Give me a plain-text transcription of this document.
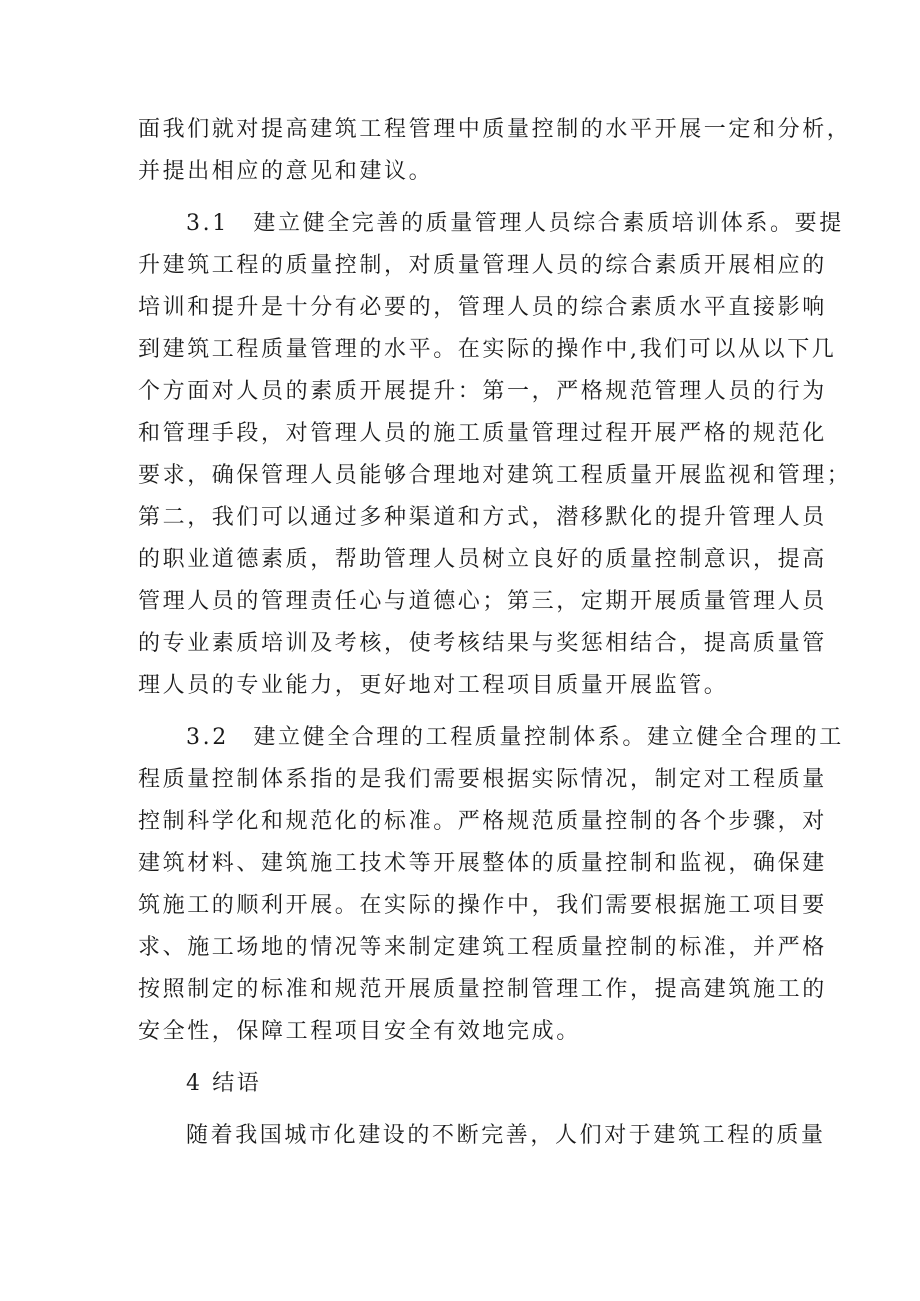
面我们就对提高建筑工程管理中质量控制的水平开展一定和分析，
并提出相应的意见和建议。
3.1　建立健全完善的质量管理人员综合素质培训体系。要提
升建筑工程的质量控制，对质量管理人员的综合素质开展相应的
培训和提升是十分有必要的，管理人员的综合素质水平直接影响
到建筑工程质量管理的水平。在实际的操作中,我们可以从以下几
个方面对人员的素质开展提升：第一，严格规范管理人员的行为
和管理手段，对管理人员的施工质量管理过程开展严格的规范化
要求，确保管理人员能够合理地对建筑工程质量开展监视和管理；
第二，我们可以通过多种渠道和方式，潜移默化的提升管理人员
的职业道德素质，帮助管理人员树立良好的质量控制意识，提高
管理人员的管理责任心与道德心；第三，定期开展质量管理人员
的专业素质培训及考核，使考核结果与奖惩相结合，提高质量管
理人员的专业能力，更好地对工程项目质量开展监管。
3.2　建立健全合理的工程质量控制体系。建立健全合理的工
程质量控制体系指的是我们需要根据实际情况，制定对工程质量
控制科学化和规范化的标准。严格规范质量控制的各个步骤，对
建筑材料、建筑施工技术等开展整体的质量控制和监视，确保建
筑施工的顺利开展。在实际的操作中，我们需要根据施工项目要
求、施工场地的情况等来制定建筑工程质量控制的标准，并严格
按照制定的标准和规范开展质量控制管理工作，提高建筑施工的
安全性，保障工程项目安全有效地完成。
4 结语
随着我国城市化建设的不断完善，人们对于建筑工程的质量
